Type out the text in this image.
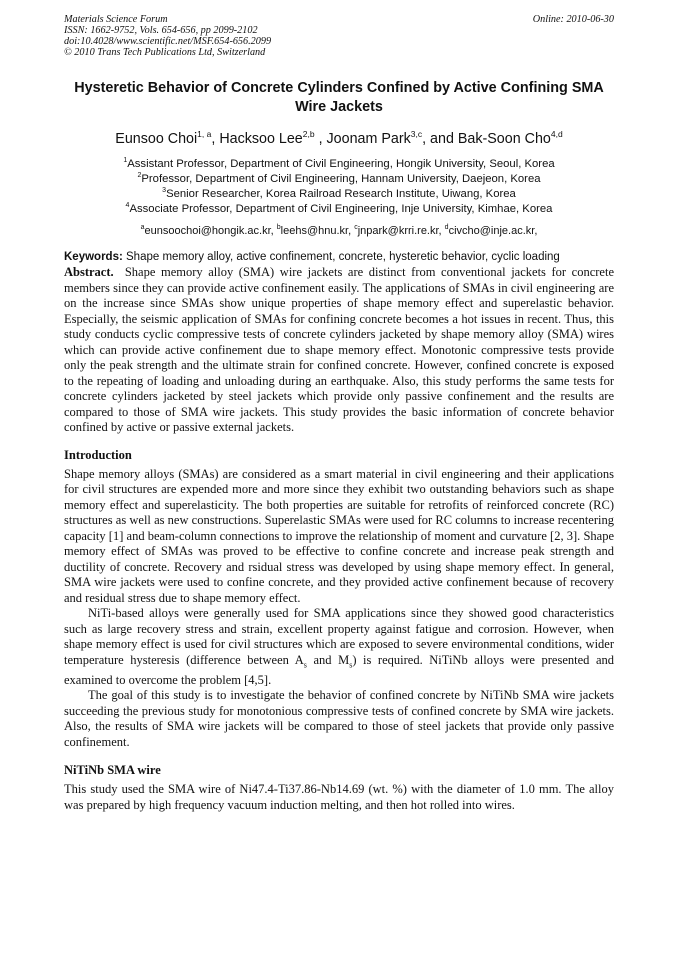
Materials Science Forum
ISSN: 1662-9752, Vols. 654-656, pp 2099-2102
doi:10.4028/www.scientific.net/MSF.654-656.2099
© 2010 Trans Tech Publications Ltd, Switzerland
Online: 2010-06-30
Hysteretic Behavior of Concrete Cylinders Confined by Active Confining SMA Wire Jackets
Eunsoo Choi$^{1, a}$, Hacksoo Lee$^{2,b}$ , Joonam Park$^{3,c}$, and Bak-Soon Cho$^{4,d}$
$^1$Assistant Professor, Department of Civil Engineering, Hongik University, Seoul, Korea
$^2$Professor, Department of Civil Engineering, Hannam University, Daejeon, Korea
$^3$Senior Researcher, Korea Railroad Research Institute, Uiwang, Korea
$^4$Associate Professor, Department of Civil Engineering, Inje University, Kimhae, Korea
$^a$eunsoochoi@hongik.ac.kr, $^b$leehs@hnu.kr, $^c$jnpark@krri.re.kr, $^d$civcho@inje.ac.kr,
Keywords: Shape memory alloy, active confinement, concrete, hysteretic behavior, cyclic loading

Abstract. Shape memory alloy (SMA) wire jackets are distinct from conventional jackets for concrete members since they can provide active confinement easily. The applications of SMAs in civil engineering are on the increase since SMAs show unique properties of shape memory effect and superelastic behavior. Especially, the seismic application of SMAs for confining concrete becomes a hot issues in recent. Thus, this study conducts cyclic compressive tests of concrete cylinders jacketed by shape memory alloy (SMA) wires which can provide active confinement due to shape memory effect. Monotonic compressive tests provide only the peak strength and the ultimate strain for confined concrete. However, confined concrete is exposed to the repeating of loading and unloading during an earthquake. Also, this study performs the same tests for concrete cylinders jacketed by steel jackets which provide only passive confinement and the results are compared to those of SMA wire jackets. This study provides the basic information of concrete behavior confined by active or passive external jackets.

Introduction

Shape memory alloys (SMAs) are considered as a smart material in civil engineering and their applications for civil structures are expended more and more since they exhibit two outstanding behaviors such as shape memory effect and superelasticity. The both properties are suitable for retrofits of reinforced concrete (RC) structures as well as new constructions. Superelastic SMAs were used for RC columns to increase recentering capacity [1] and beam-column connections to improve the relationship of moment and curvature [2, 3]. Shape memory effect of SMAs was proved to be effective to confine concrete and increase peak strength and ductility of concrete. Recovery and rsidual stress was developed by using shape memory effect. In general, SMA wire jackets were used to confine concrete, and they provided active confinement because of recovery and residual stress due to shape memory effect.

NiTi-based alloys were generally used for SMA applications since they showed good characteristics such as large recovery stress and strain, excellent property against fatigue and corrosion. However, when shape memory effect is used for civil structures which are exposed to severe environmental conditions, wider temperature hysteresis (difference between $A_s$ and $M_s$) is required. NiTiNb alloys were presented and examined to overcome the problem [4,5].

The goal of this study is to investigate the behavior of confined concrete by NiTiNb SMA wire jackets succeeding the previous study for monotonious compressive tests of confined concrete by SMA wire jackets. Also, the results of SMA wire jackets will be compared to those of steel jackets that provide only passive confinement.

NiTiNb SMA wire

This study used the SMA wire of Ni47.4-Ti37.86-Nb14.69 (wt. %) with the diameter of 1.0 mm. The alloy was prepared by high frequency vacuum induction melting, and then hot rolled into wires.
